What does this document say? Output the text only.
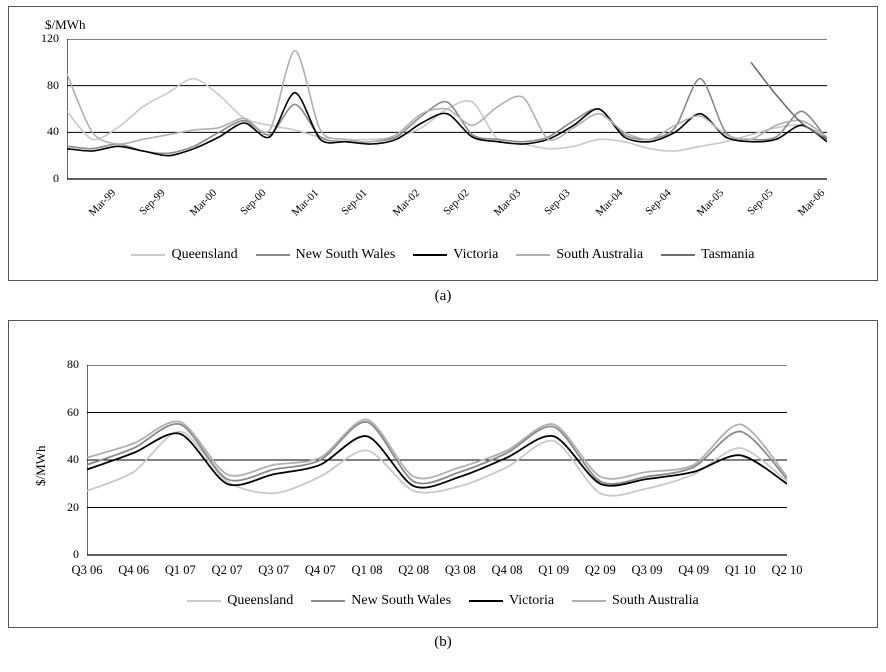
$/MWh
0
40
80
120
Mar-99 Sep-99 Mar-00 Sep-00 Mar-01 Sep-01 Mar-02 Sep-02 Mar-03 Sep-03 Mar-04 Sep-04 Mar-05 Sep-05 Mar-06
Queensland	New South Wales	Victoria	South Australia	Tasmania
(a)
$/MWh
0
20
40
60
80
Q3 06	Q4 06	Q1 07	Q2 07	Q3 07	Q4 07	Q1 08	Q2 08	Q3 08	Q4 08	Q1 09	Q2 09	Q3 09	Q4 09	Q1 10	Q2 10
Queensland	New South Wales	Victoria	South Australia
(b)
